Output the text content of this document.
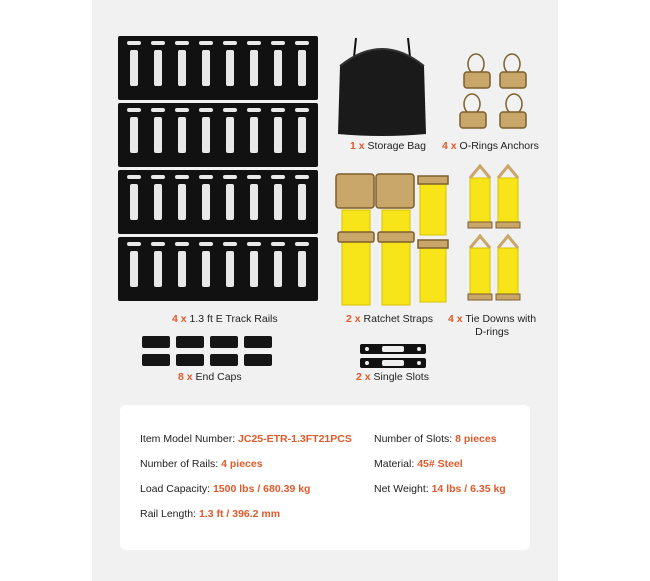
4 x 1.3 ft E Track Rails
1 x Storage Bag 4 x O-Rings Anchors
2 x Ratchet Straps 4 x Tie Downs with
D-rings
8 x End Caps	2 x Single Slots
Item Model Number: JC25-ETR-1.3FT21PCS
Number of Rails: 4 pieces
Load Capacity: 1500 lbs / 680.39 kg
Rail Length: 1.3 ft / 396.2 mm
Number of Slots: 8 pieces
Material: 45# Steel
Net Weight: 14 lbs / 6.35 kg
